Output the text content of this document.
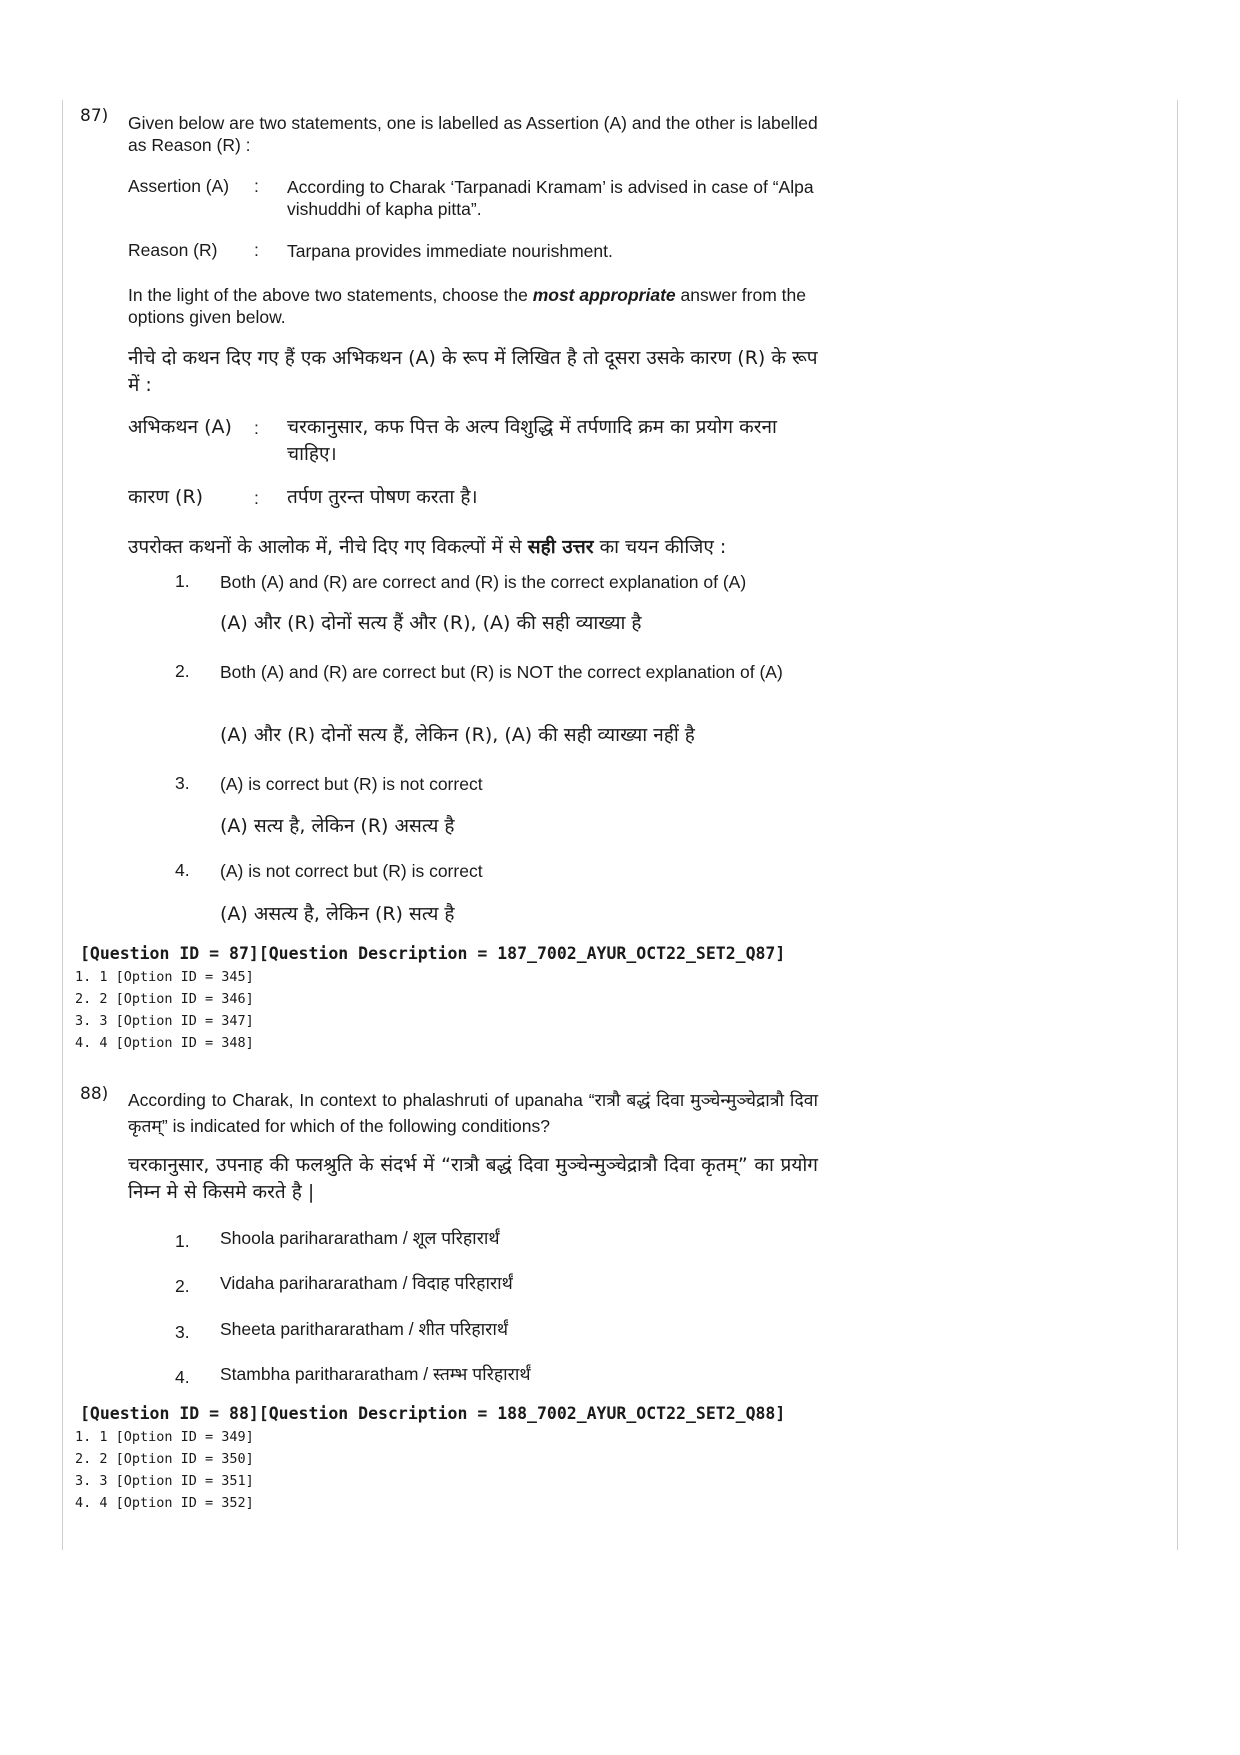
87) Given below are two statements, one is labelled as Assertion (A) and the other is labelled as Reason (R) :
Assertion (A) : According to Charak ‘Tarpanadi Kramam’ is advised in case of “Alpa vishuddhi of kapha pitta”.
Reason (R) : Tarpana provides immediate nourishment.
In the light of the above two statements, choose the most appropriate answer from the options given below.
नीचे दो कथन दिए गए हैं एक अभिकथन (A) के रूप में लिखित है तो दूसरा उसके कारण (R) के रूप में :
अभिकथन (A)	: चरकानुसार, कफ पित्त के अल्प विशुद्धि में तर्पणादि क्रम का प्रयोग करना चाहिए।
कारण (R)	: तर्पण तुरन्त पोषण करता है।
उपरोक्त कथनों के आलोक में, नीचे दिए गए विकल्पों में से सही उत्तर का चयन कीजिए :
1. Both (A) and (R) are correct and (R) is the correct explanation of (A)
(A) और (R) दोनों सत्य हैं और (R), (A) की सही व्याख्या है
2. Both (A) and (R) are correct but (R) is NOT the correct explanation of (A)
(A) और (R) दोनों सत्य हैं, लेकिन (R), (A) की सही व्याख्या नहीं है
3. (A) is correct but (R) is not correct
(A) सत्य है, लेकिन (R) असत्य है
4. (A) is not correct but (R) is correct
(A) असत्य है, लेकिन (R) सत्य है
[Question ID = 87][Question Description = 187_7002_AYUR_OCT22_SET2_Q87]
1. 1 [Option ID = 345]
2. 2 [Option ID = 346]
3. 3 [Option ID = 347]
4. 4 [Option ID = 348]
88) According to Charak, In context to phalashruti of upanaha “रात्रौ बद्धं दिवा मुञ्चेन्मुञ्चेद्रात्रौ दिवा कृतम्” is indicated for which of the following conditions?
चरकानुसार, उपनाह की फलश्रुति के संदर्भ में “रात्रौ बद्धं दिवा मुञ्चेन्मुञ्चेद्रात्रौ दिवा कृतम्” का प्रयोग निम्न मे से किसमे करते है |
1. Shoola parihararatham / शूल परिहारार्थं
2. Vidaha parihararatham / विदाह परिहारार्थं
3. Sheeta parithararatham / शीत परिहारार्थं
4. Stambha parithararatham / स्तम्भ परिहारार्थं
[Question ID = 88][Question Description = 188_7002_AYUR_OCT22_SET2_Q88]
1. 1 [Option ID = 349]
2. 2 [Option ID = 350]
3. 3 [Option ID = 351]
4. 4 [Option ID = 352]
